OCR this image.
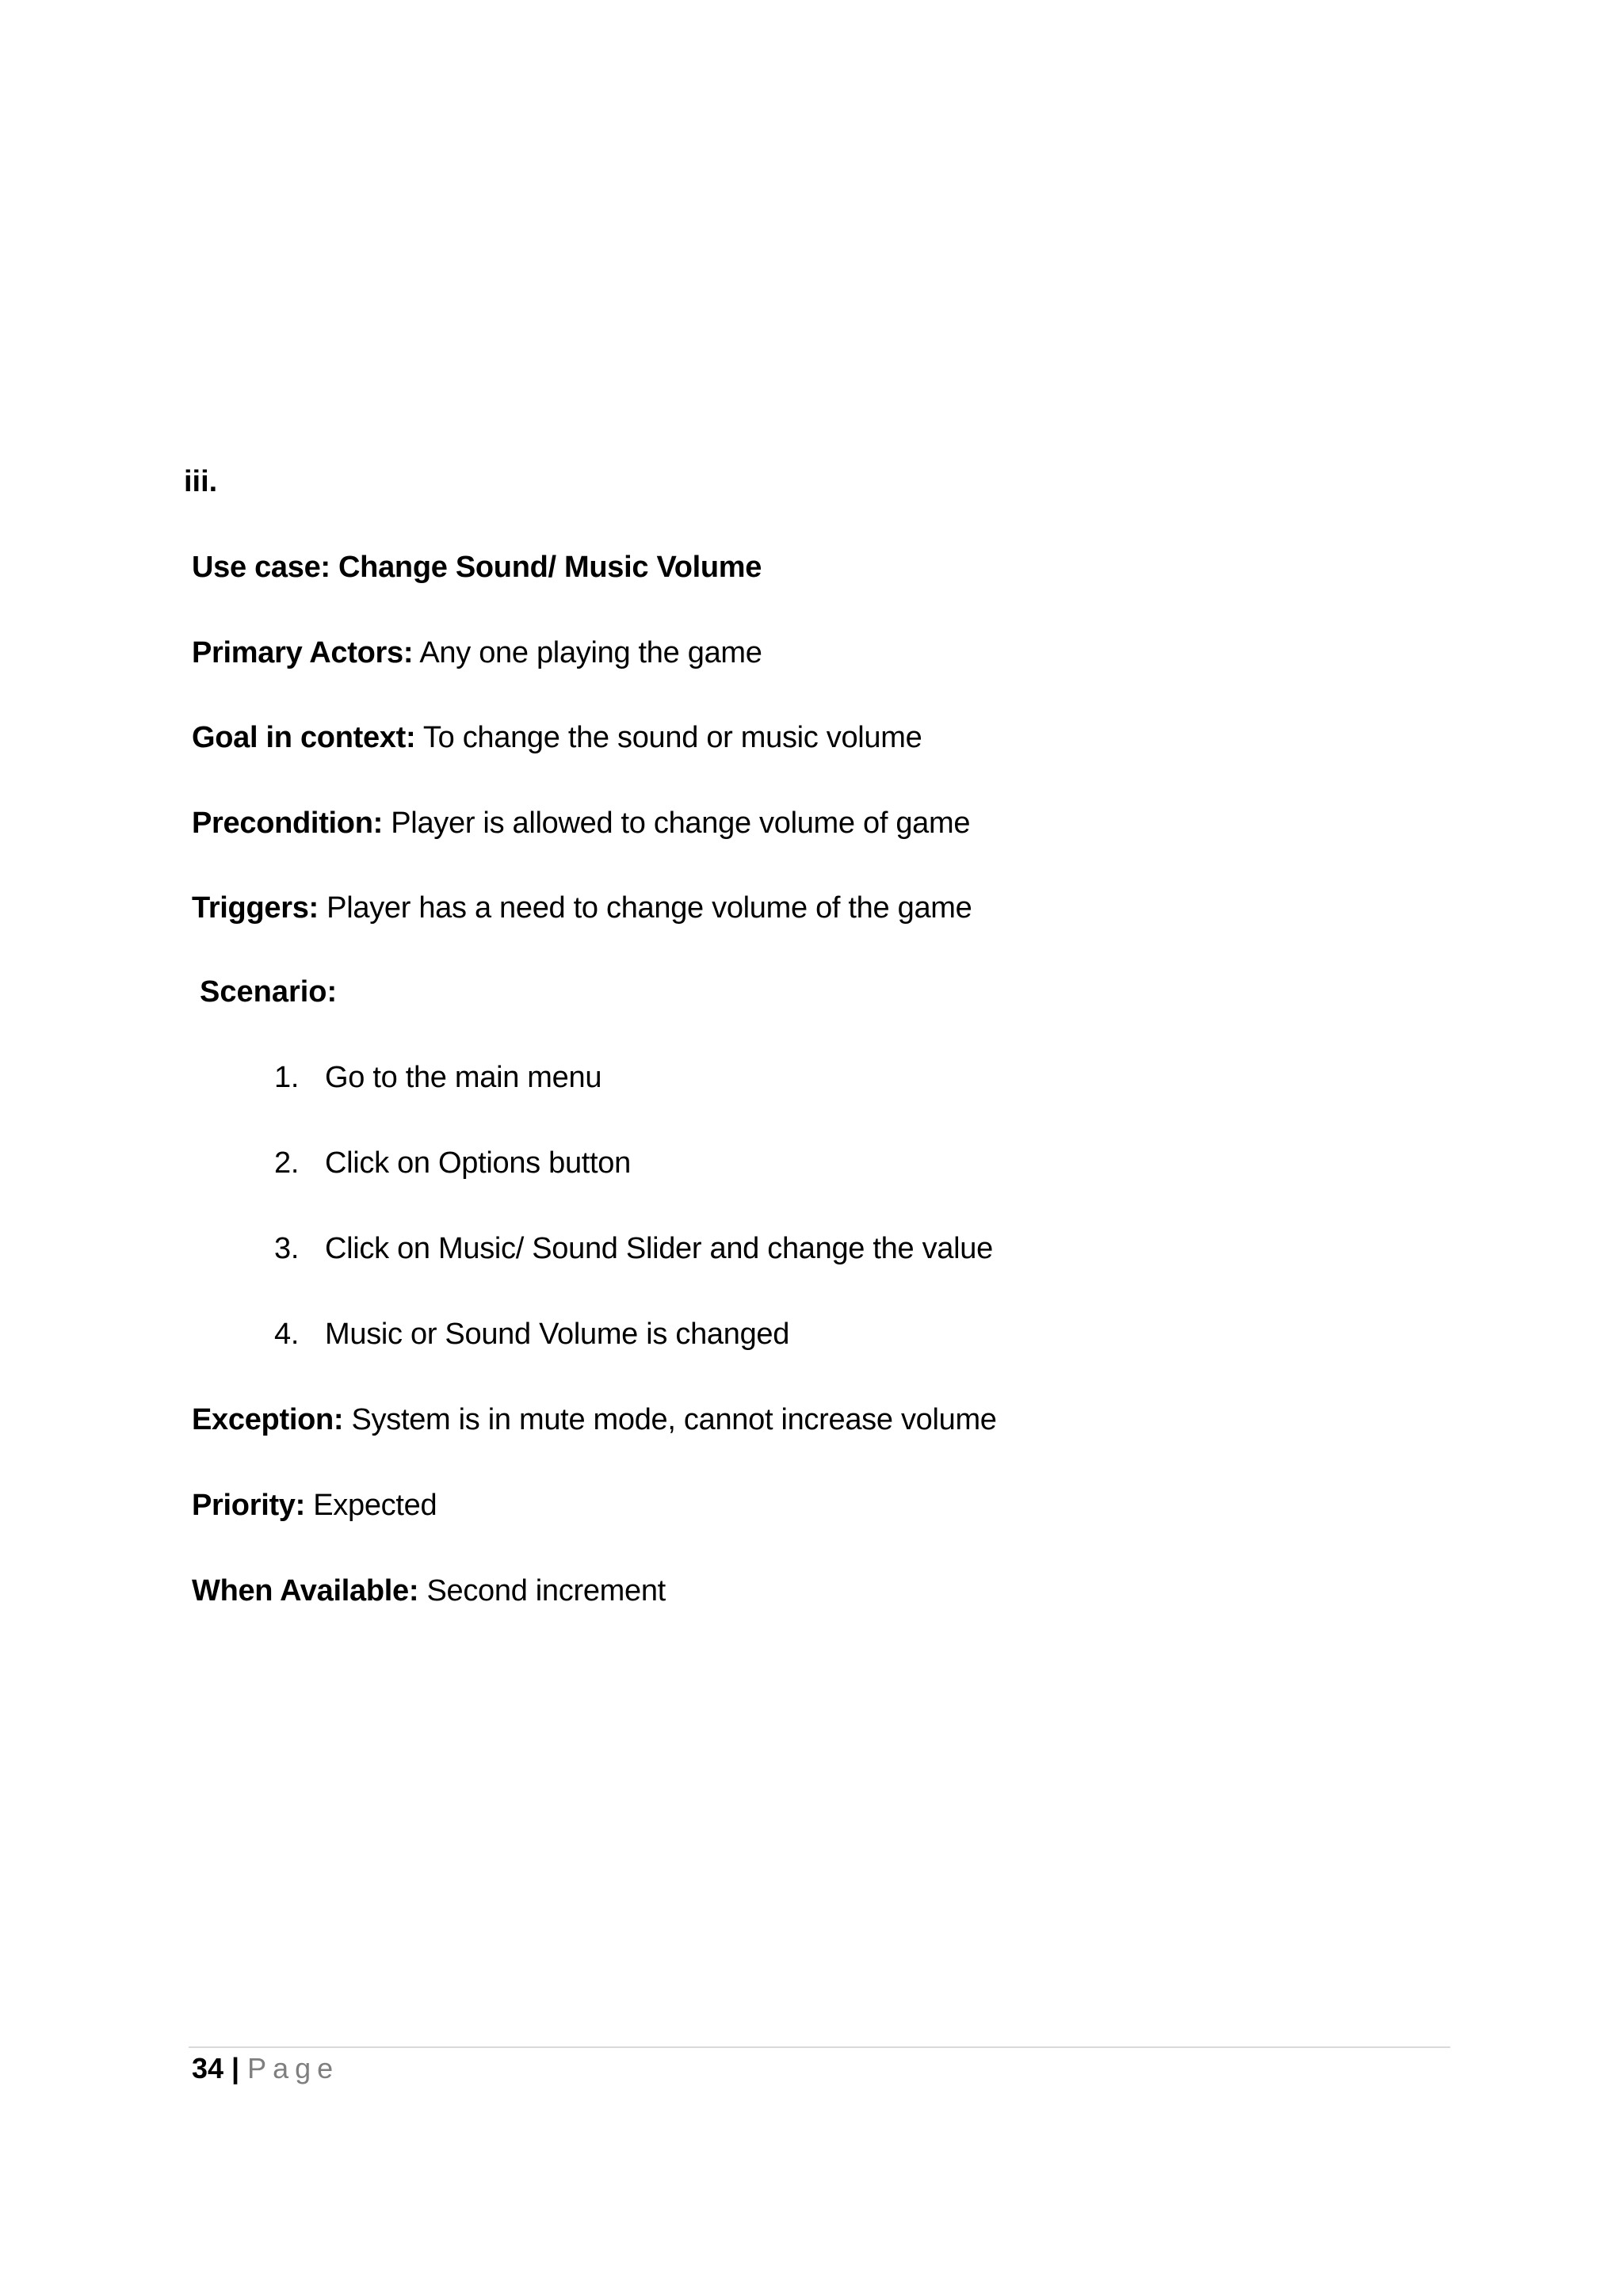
iii.
Use case: Change Sound/ Music Volume
Primary Actors: Any one playing the game
Goal in context: To change the sound or music volume
Precondition: Player is allowed to change volume of game
Triggers: Player has a need to change volume of the game
Scenario:
1. Go to the main menu
2. Click on Options button
3. Click on Music/ Sound Slider and change the value
4. Music or Sound Volume is changed
Exception: System is in mute mode, cannot increase volume
Priority: Expected
When Available: Second increment
34 | Page
